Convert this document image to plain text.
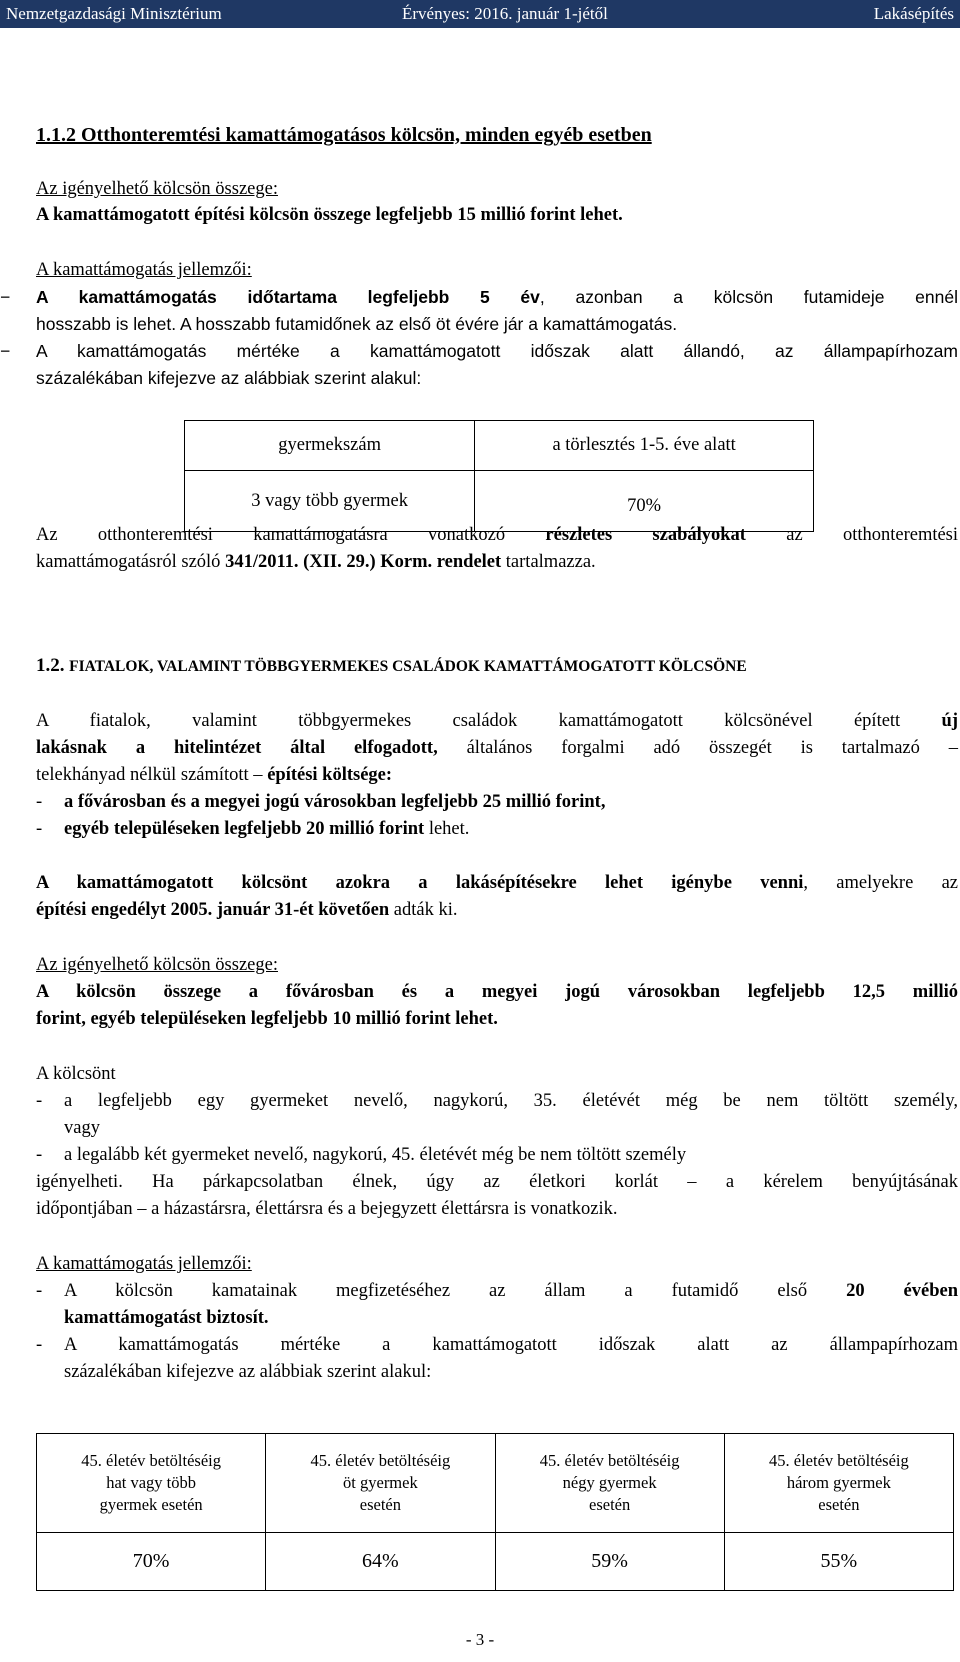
Nemzetgazdasági Minisztérium	Érvényes: 2016. január 1-jétől	Lakásépítés
1.1.2 Otthonteremtési kamattámogatásos kölcsön, minden egyéb esetben
Az igényelhető kölcsön összege:
A kamattámogatott építési kölcsön összege legfeljebb 15 millió forint lehet.
A kamattámogatás jellemzői:
− A kamattámogatás időtartama legfeljebb 5 év, azonban a kölcsön futamideje ennél
hosszabb is lehet. A hosszabb futamidőnek az első öt évére jár a kamattámogatás.
− A kamattámogatás mértéke a kamattámogatott időszak alatt állandó, az állampapírhozam
százalékában kifejezve az alábbiak szerint alakul:
gyermekszám	a törlesztés 1-5. éve alatt
3 vagy több gyermek	70%
Az otthonteremtési kamattámogatásra vonatkozó részletes szabályokat az otthonteremtési
kamattámogatásról szóló 341/2011. (XII. 29.) Korm. rendelet tartalmazza.
1.2. FIATALOK, VALAMINT TÖBBGYERMEKES CSALÁDOK KAMATTÁMOGATOTT KÖLCSÖNE
A fiatalok, valamint többgyermekes családok kamattámogatott kölcsönével épített új
lakásnak a hitelintézet által elfogadott, általános forgalmi adó összegét is tartalmazó –
telekhányad nélkül számított – építési költsége:
- a fővárosban és a megyei jogú városokban legfeljebb 25 millió forint,
- egyéb településeken legfeljebb 20 millió forint lehet.
A kamattámogatott kölcsönt azokra a lakásépítésekre lehet igénybe venni, amelyekre az
építési engedélyt 2005. január 31-ét követően adták ki.
Az igényelhető kölcsön összege:
A kölcsön összege a fővárosban és a megyei jogú városokban legfeljebb 12,5 millió
forint, egyéb településeken legfeljebb 10 millió forint lehet.
A kölcsönt
- a legfeljebb egy gyermeket nevelő, nagykorú, 35. életévét még be nem töltött személy,
vagy
- a legalább két gyermeket nevelő, nagykorú, 45. életévét még be nem töltött személy
igényelheti. Ha párkapcsolatban élnek, úgy az életkori korlát – a kérelem benyújtásának
időpontjában – a házastársra, élettársra és a bejegyzett élettársra is vonatkozik.
A kamattámogatás jellemzői:
- A kölcsön kamatainak megfizetéséhez az állam a futamidő első 20 évében
kamattámogatást biztosít.
- A kamattámogatás mértéke a kamattámogatott időszak alatt az állampapírhozam
százalékában kifejezve az alábbiak szerint alakul:
45. életév betöltéséig
hat vagy több
gyermek esetén	45. életév betöltéséig
öt gyermek
esetén	45. életév betöltéséig
négy gyermek
esetén	45. életév betöltéséig
három gyermek
esetén
70%	64%	59%	55%
- 3 -
